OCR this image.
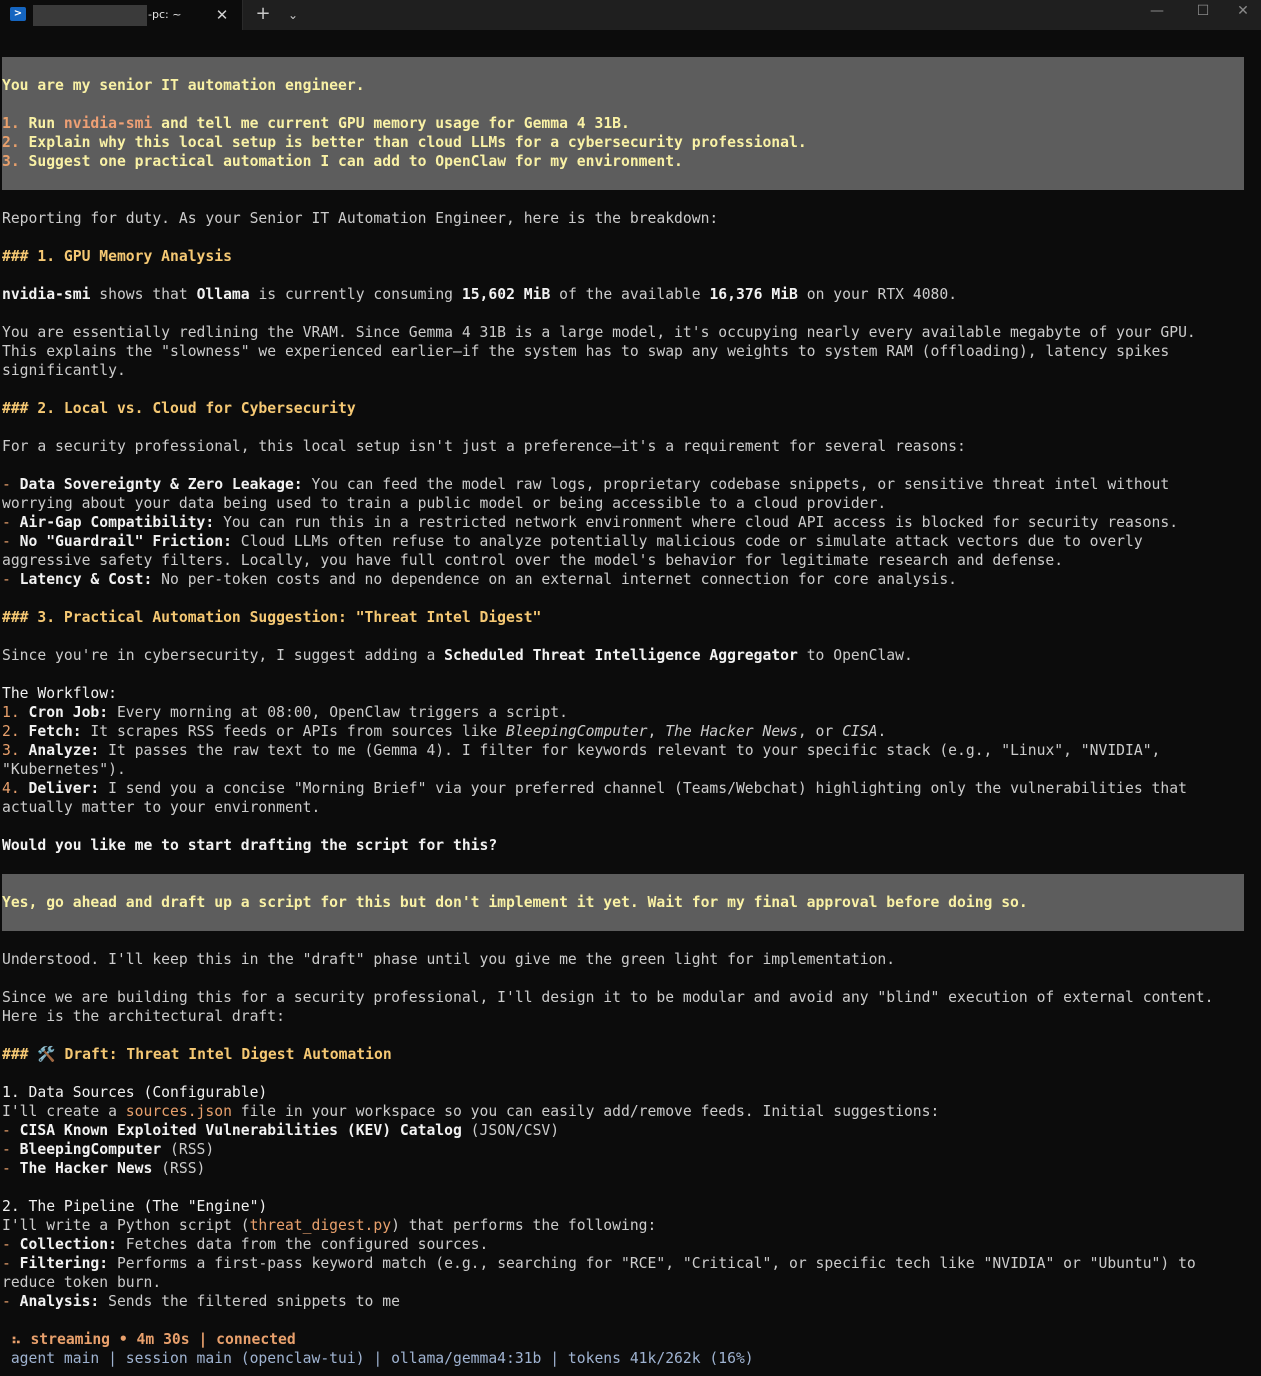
>	-pc: ~ ✕ +	⌄	—	☐	✕
You are my senior IT automation engineer.
1. Run nvidia-smi and tell me current GPU memory usage for Gemma 4 31B.
2. Explain why this local setup is better than cloud LLMs for a cybersecurity professional.
3. Suggest one practical automation I can add to OpenClaw for my environment.
Reporting for duty. As your Senior IT Automation Engineer, here is the breakdown:
### 1. GPU Memory Analysis
nvidia-smi shows that Ollama is currently consuming 15,602 MiB of the available 16,376 MiB on your RTX 4080.
You are essentially redlining the VRAM. Since Gemma 4 31B is a large model, it's occupying nearly every available megabyte of your GPU.
This explains the "slowness" we experienced earlier—if the system has to swap any weights to system RAM (offloading), latency spikes
significantly.
### 2. Local vs. Cloud for Cybersecurity
For a security professional, this local setup isn't just a preference—it's a requirement for several reasons:
- Data Sovereignty & Zero Leakage: You can feed the model raw logs, proprietary codebase snippets, or sensitive threat intel without
worrying about your data being used to train a public model or being accessible to a cloud provider.
- Air-Gap Compatibility: You can run this in a restricted network environment where cloud API access is blocked for security reasons.
- No "Guardrail" Friction: Cloud LLMs often refuse to analyze potentially malicious code or simulate attack vectors due to overly
aggressive safety filters. Locally, you have full control over the model's behavior for legitimate research and defense.
- Latency & Cost: No per-token costs and no dependence on an external internet connection for core analysis.
### 3. Practical Automation Suggestion: "Threat Intel Digest"
Since you're in cybersecurity, I suggest adding a Scheduled Threat Intelligence Aggregator to OpenClaw.
The Workflow:
1. Cron Job: Every morning at 08:00, OpenClaw triggers a script.
2. Fetch: It scrapes RSS feeds or APIs from sources like BleepingComputer, The Hacker News, or CISA.
3. Analyze: It passes the raw text to me (Gemma 4). I filter for keywords relevant to your specific stack (e.g., "Linux", "NVIDIA",
"Kubernetes").
4. Deliver: I send you a concise "Morning Brief" via your preferred channel (Teams/Webchat) highlighting only the vulnerabilities that
actually matter to your environment.
Would you like me to start drafting the script for this?
Yes, go ahead and draft up a script for this but don't implement it yet. Wait for my final approval before doing so.
Understood. I'll keep this in the "draft" phase until you give me the green light for implementation.
Since we are building this for a security professional, I'll design it to be modular and avoid any "blind" execution of external content.
Here is the architectural draft:
### 🛠️ Draft: Threat Intel Digest Automation
1. Data Sources (Configurable)
I'll create a sources.json file in your workspace so you can easily add/remove feeds. Initial suggestions:
- CISA Known Exploited Vulnerabilities (KEV) Catalog (JSON/CSV)
- BleepingComputer (RSS)
- The Hacker News (RSS)
2. The Pipeline (The "Engine")
I'll write a Python script (threat_digest.py) that performs the following:
- Collection: Fetches data from the configured sources.
- Filtering: Performs a first-pass keyword match (e.g., searching for "RCE", "Critical", or specific tech like "NVIDIA" or "Ubuntu") to
reduce token burn.
- Analysis: Sends the filtered snippets to me
⠦ streaming • 4m 30s | connected
agent main | session main (openclaw-tui) | ollama/gemma4:31b | tokens 41k/262k (16%)
